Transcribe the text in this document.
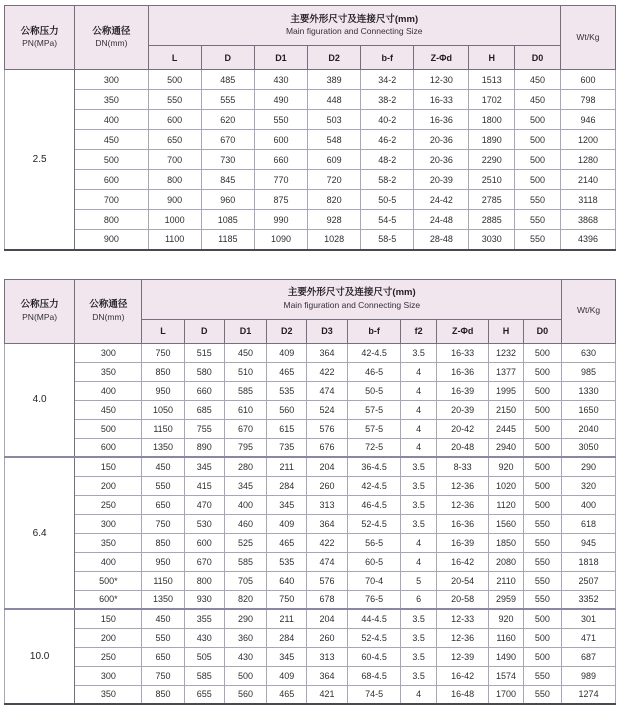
公称压力
PN(MPa)

公称通径
DN(mm)

主要外形尺寸及连接尺寸(mm)
Main figuration and Connecting Size

Wt/Kg

		L	D	D1	D2	b-f	Z-Φd	H	D0	
2.5	300	500	485	430	389	34-2	12-30	1513	450	600
	350	550	555	490	448	38-2	16-33	1702	450	798
	400	600	620	550	503	40-2	16-36	1800	500	946
	450	650	670	600	548	46-2	20-36	1890	500	1200
	500	700	730	660	609	48-2	20-36	2290	500	1280
	600	800	845	770	720	58-2	20-39	2510	500	2140
	700	900	960	875	820	50-5	24-42	2785	550	3118
	800	1000	1085	990	928	54-5	24-48	2885	550	3868
	900	1100	1185	1090	1028	58-5	28-48	3030	550	4396
公称压力
PN(MPa)

公称通径
DN(mm)

主要外形尺寸及连接尺寸(mm)
Main figuration and Connecting Size

Wt/Kg

		L	D	D1	D2	D3	b-f	f2	Z-Φd	H	D0	
4.0	300	750	515	450	409	364	42-4.5	3.5	16-33	1232	500	630
	350	850	580	510	465	422	46-5	4	16-36	1377	500	985
	400	950	660	585	535	474	50-5	4	16-39	1995	500	1330
	450	1050	685	610	560	524	57-5	4	20-39	2150	500	1650
	500	1150	755	670	615	576	57-5	4	20-42	2445	500	2040
	600	1350	890	795	735	676	72-5	4	20-48	2940	500	3050
6.4	150	450	345	280	211	204	36-4.5	3.5	8-33	920	500	290
	200	550	415	345	284	260	42-4.5	3.5	12-36	1020	500	320
	250	650	470	400	345	313	46-4.5	3.5	12-36	1120	500	400
	300	750	530	460	409	364	52-4.5	3.5	16-36	1560	550	618
	350	850	600	525	465	422	56-5	4	16-39	1850	550	945
	400	950	670	585	535	474	60-5	4	16-42	2080	550	1818
	500*	1150	800	705	640	576	70-4	5	20-54	2110	550	2507
	600*	1350	930	820	750	678	76-5	6	20-58	2959	550	3352
10.0	150	450	355	290	211	204	44-4.5	3.5	12-33	920	500	301
	200	550	430	360	284	260	52-4.5	3.5	12-36	1160	500	471
	250	650	505	430	345	313	60-4.5	3.5	12-39	1490	500	687
	300	750	585	500	409	364	68-4.5	3.5	16-42	1574	550	989
	350	850	655	560	465	421	74-5	4	16-48	1700	550	1274
